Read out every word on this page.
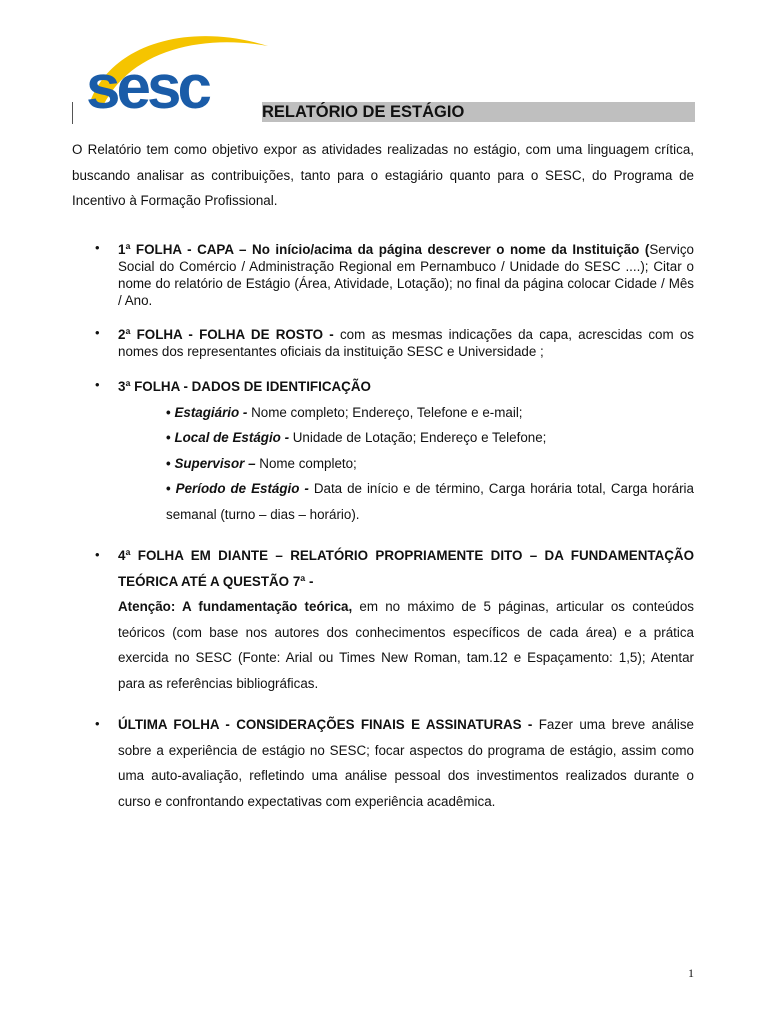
sesc	RELATÓRIO DE ESTÁGIO

O Relatório tem como objetivo expor as atividades realizadas no estágio, com uma linguagem crítica, buscando analisar as contribuições, tanto para o estagiário quanto para o SESC, do Programa de Incentivo à Formação Profissional.

• 1ª FOLHA - CAPA – No início/acima da página descrever o nome da Instituição (Serviço Social do Comércio / Administração Regional em Pernambuco / Unidade do SESC ....); Citar o nome do relatório de Estágio (Área, Atividade, Lotação); no final da página colocar Cidade / Mês / Ano.

• 2ª FOLHA - FOLHA DE ROSTO - com as mesmas indicações da capa, acrescidas com os nomes dos representantes oficiais da instituição SESC e Universidade ;

• 3ª FOLHA - DADOS DE IDENTIFICAÇÃO

• Estagiário - Nome completo; Endereço, Telefone e e-mail;

• Local de Estágio - Unidade de Lotação; Endereço e Telefone;

• Supervisor – Nome completo;

• Período de Estágio - Data de início e de término, Carga horária total, Carga horária semanal (turno – dias – horário).

• 4ª FOLHA EM DIANTE – RELATÓRIO PROPRIAMENTE DITO – DA FUNDAMENTAÇÃO TEÓRICA ATÉ A QUESTÃO 7ª -

Atenção: A fundamentação teórica, em no máximo de 5 páginas, articular os conteúdos teóricos (com base nos autores dos conhecimentos específicos de cada área) e a prática exercida no SESC (Fonte: Arial ou Times New Roman, tam.12 e Espaçamento: 1,5); Atentar para as referências bibliográficas.

• ÚLTIMA FOLHA - CONSIDERAÇÕES FINAIS E ASSINATURAS - Fazer uma breve análise sobre a experiência de estágio no SESC; focar aspectos do programa de estágio, assim como uma auto-avaliação, refletindo uma análise pessoal dos investimentos realizados durante o curso e confrontando expectativas com experiência acadêmica.

1
